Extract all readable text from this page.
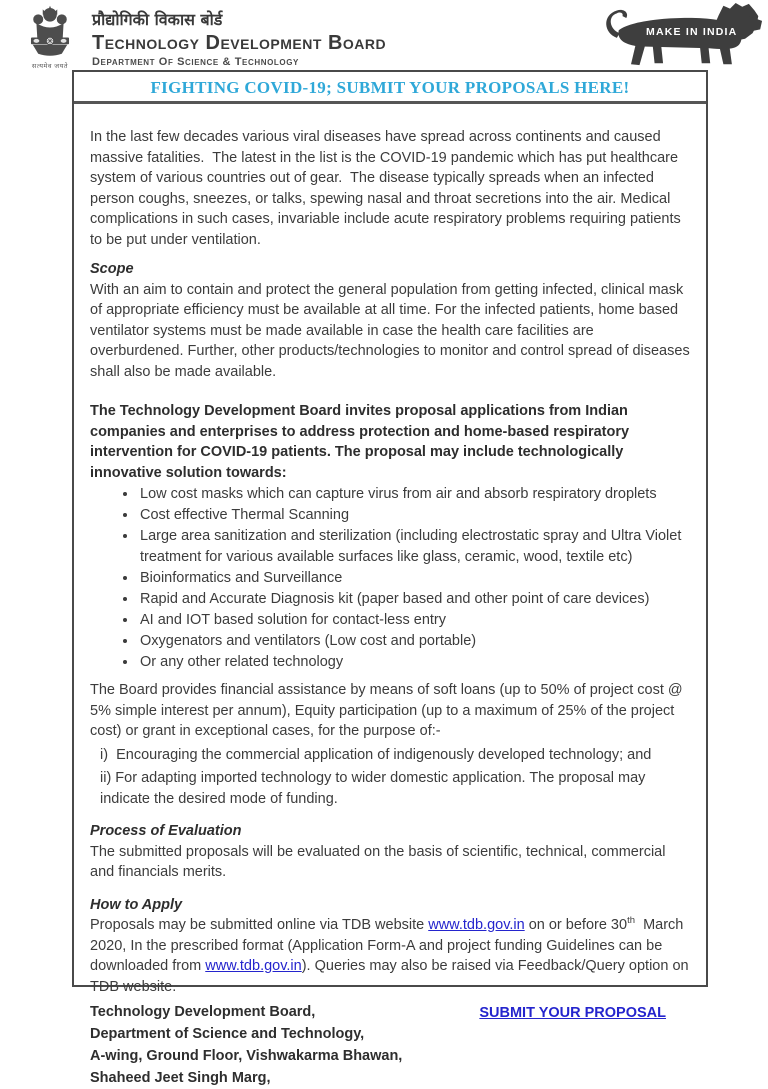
सत्यमेव जयते
प्रौद्योगिकी विकास बोर्ड
Technology Development Board
Department Of Science & Technology
MAKE IN INDIA
FIGHTING COVID-19; SUBMIT YOUR PROPOSALS HERE!

In the last few decades various viral diseases have spread across continents and caused massive fatalities.  The latest in the list is the COVID-19 pandemic which has put healthcare system of various countries out of gear.  The disease typically spreads when an infected person coughs, sneezes, or talks, spewing nasal and throat secretions into the air. Medical complications in such cases, invariable include acute respiratory problems requiring patients to be put under ventilation.

Scope

With an aim to contain and protect the general population from getting infected, clinical mask of appropriate efficiency must be available at all time. For the infected patients, home based ventilator systems must be made available in case the health care facilities are overburdened. Further, other products/technologies to monitor and control spread of diseases shall also be made available.

The Technology Development Board invites proposal applications from Indian companies and enterprises to address protection and home-based respiratory intervention for COVID-19 patients. The proposal may include technologically innovative solution towards:

• Low cost masks which can capture virus from air and absorb respiratory droplets
• Cost effective Thermal Scanning
• Large area sanitization and sterilization (including electrostatic spray and Ultra Violet treatment for various available surfaces like glass, ceramic, wood, textile etc)
• Bioinformatics and Surveillance
• Rapid and Accurate Diagnosis kit (paper based and other point of care devices)
• AI and IOT based solution for contact-less entry
• Oxygenators and ventilators (Low cost and portable)
• Or any other related technology

The Board provides financial assistance by means of soft loans (up to 50% of project cost @ 5% simple interest per annum), Equity participation (up to a maximum of 25% of the project cost) or grant in exceptional cases, for the purpose of:-

i)  Encouraging the commercial application of indigenously developed technology; and
ii) For adapting imported technology to wider domestic application. The proposal may indicate the desired mode of funding.
Process of Evaluation

The submitted proposals will be evaluated on the basis of scientific, technical, commercial and financials merits.

How to Apply

Proposals may be submitted online via TDB website www.tdb.gov.in on or before 30th  March 2020, In the prescribed format (Application Form-A and project funding Guidelines can be downloaded from www.tdb.gov.in). Queries may also be raised via Feedback/Query option on TDB website.

Technology Development Board,
Department of Science and Technology,
A-wing, Ground Floor, Vishwakarma Bhawan,
Shaheed Jeet Singh Marg,
SUBMIT YOUR PROPOSAL
